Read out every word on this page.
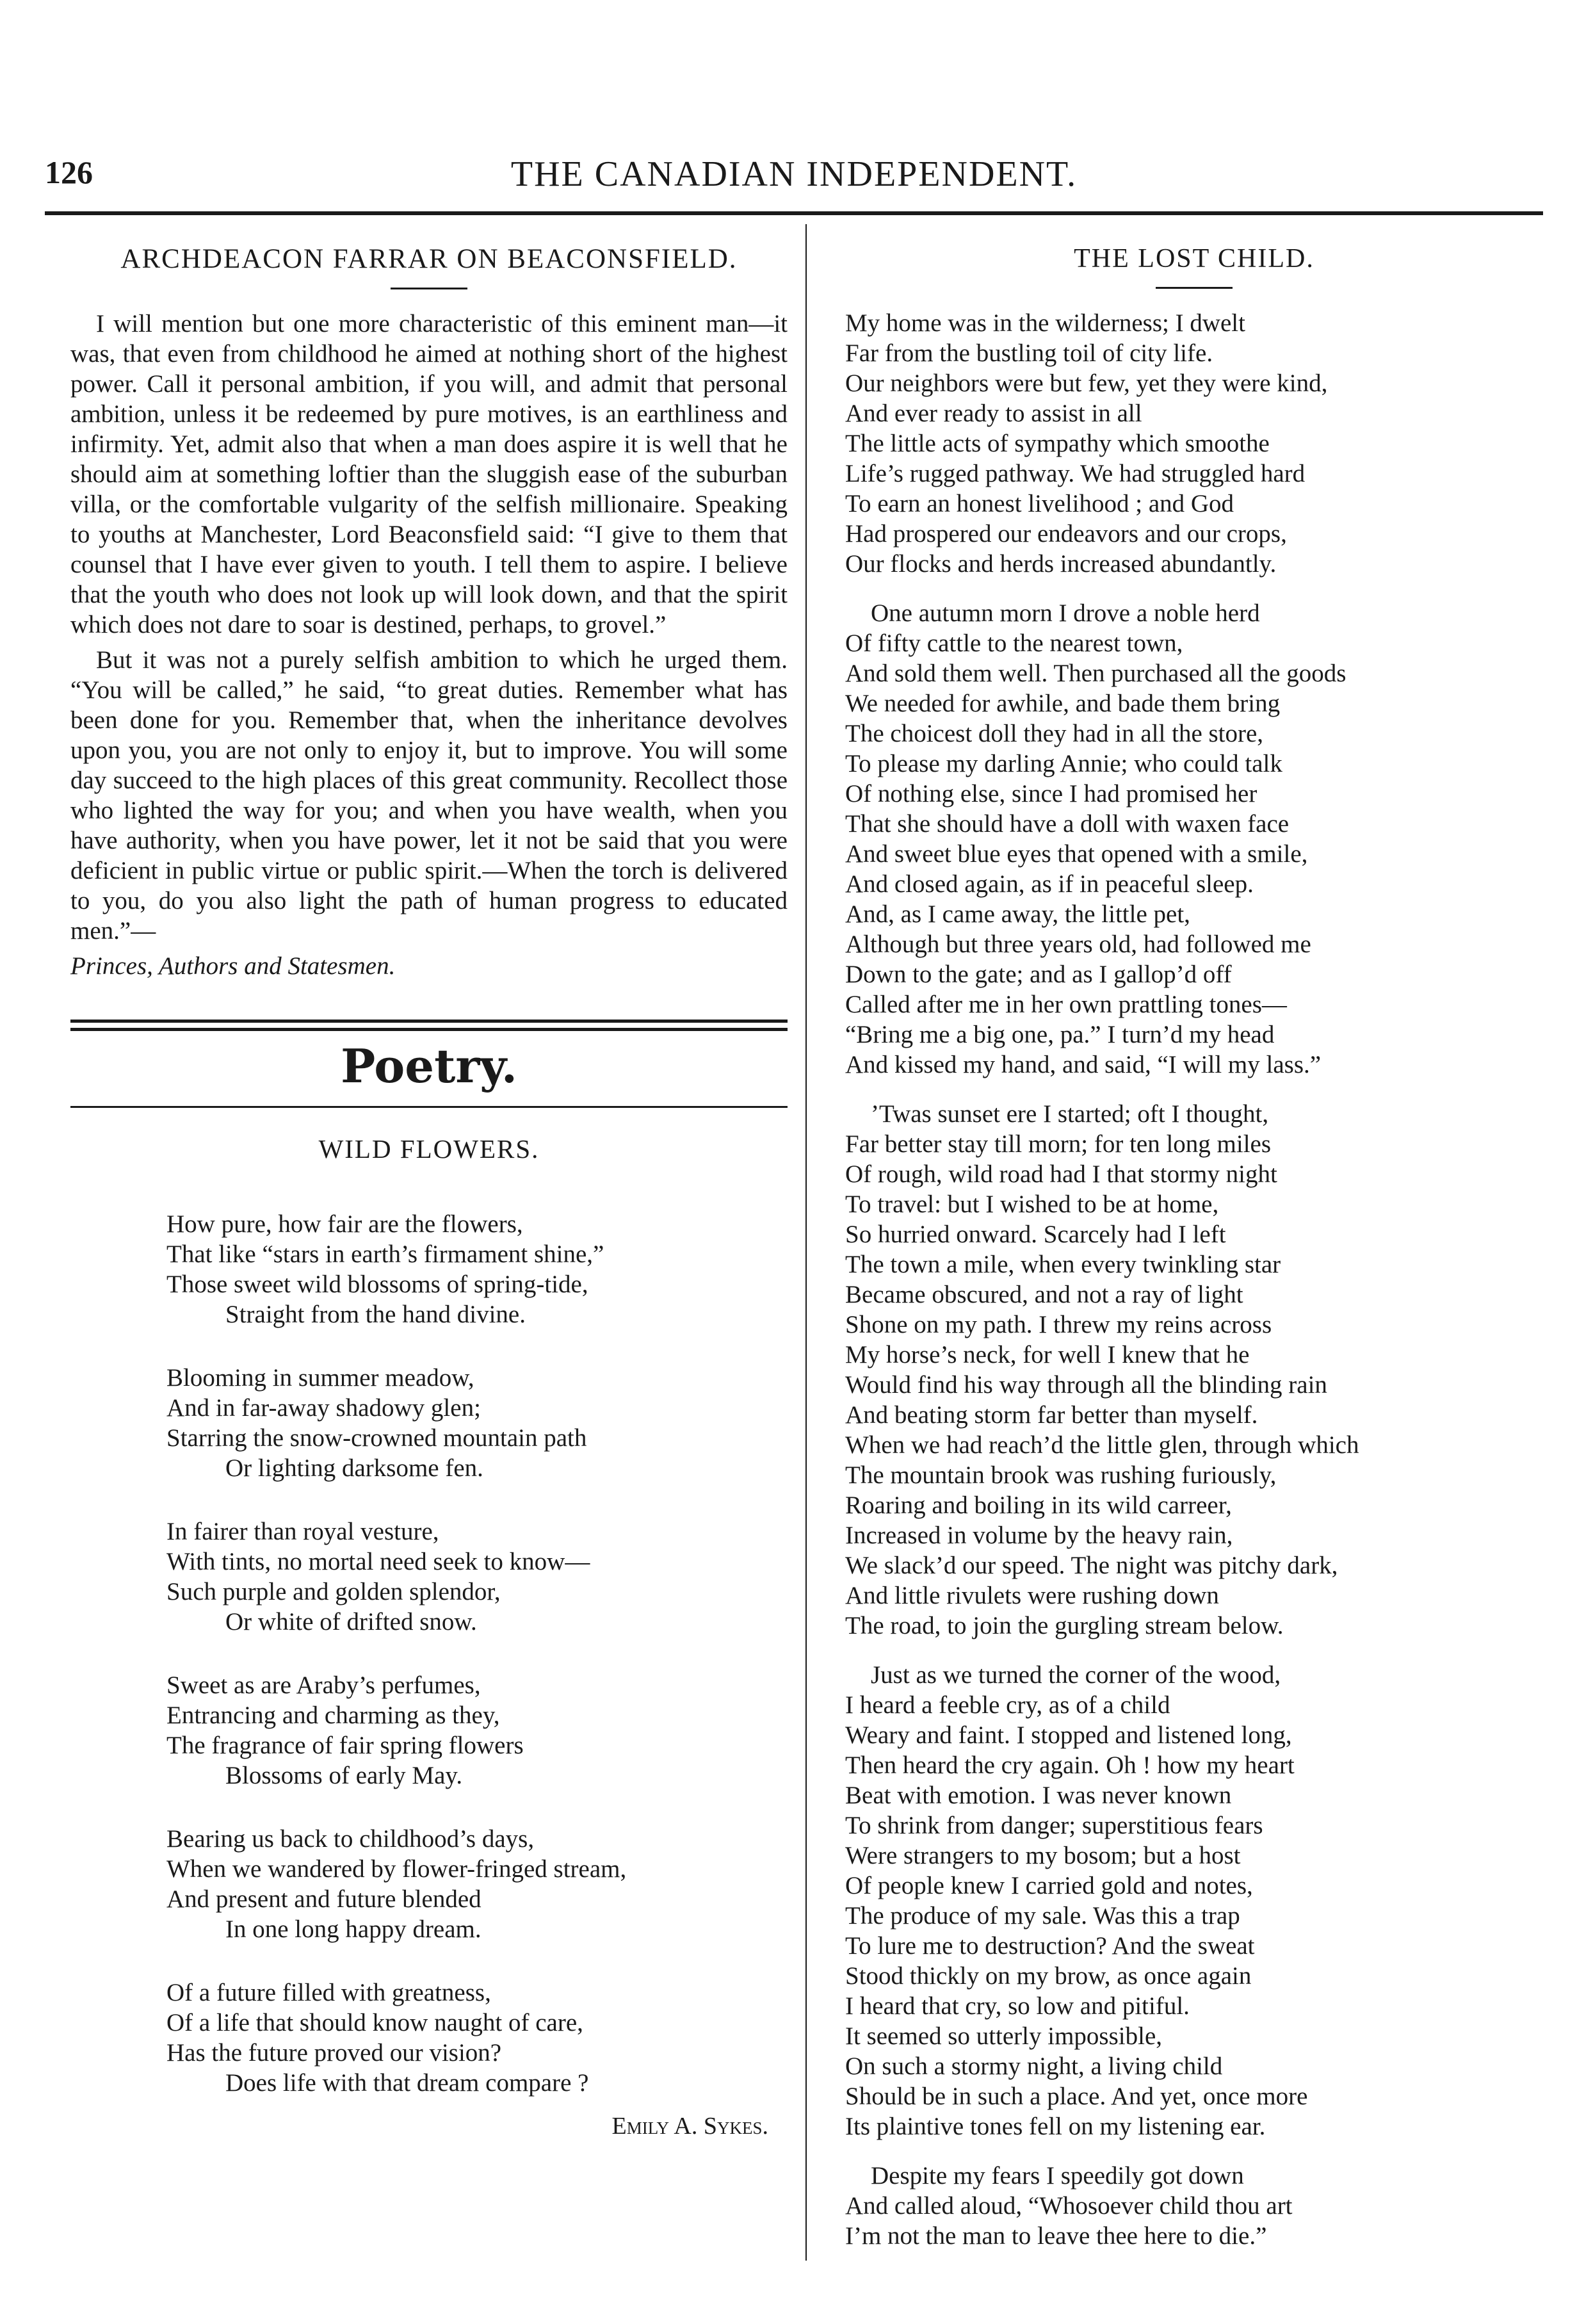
126	THE CANADIAN INDEPENDENT.
ARCHDEACON FARRAR ON BEACONSFIELD.

I will mention but one more characteristic of this eminent man—it was, that even from childhood he aimed at nothing short of the highest power. Call it personal ambition, if you will, and admit that personal ambition, unless it be redeemed by pure motives, is an earthliness and infirmity. Yet, admit also that when a man does aspire it is well that he should aim at something loftier than the sluggish ease of the suburban villa, or the comfortable vulgarity of the selfish millionaire. Speaking to youths at Manchester, Lord Beaconsfield said: “I give to them that counsel that I have ever given to youth. I tell them to aspire. I believe that the youth who does not look up will look down, and that the spirit which does not dare to soar is destined, perhaps, to grovel.”

But it was not a purely selfish ambition to which he urged them. “You will be called,” he said, “to great duties. Remember what has been done for you. Remember that, when the inheritance devolves upon you, you are not only to enjoy it, but to improve. You will some day succeed to the high places of this great community. Recollect those who lighted the way for you; and when you have wealth, when you have authority, when you have power, let it not be said that you were deficient in public virtue or public spirit.—When the torch is delivered to you, do you also light the path of human progress to educated men.”—

Princes, Authors and Statesmen.

Poetry.
WILD FLOWERS.
How pure, how fair are the flowers,
That like “stars in earth’s firmament shine,”
Those sweet wild blossoms of spring-tide,
Straight from the hand divine.
Blooming in summer meadow,
And in far-away shadowy glen;
Starring the snow-crowned mountain path
Or lighting darksome fen.
In fairer than royal vesture,
With tints, no mortal need seek to know—
Such purple and golden splendor,
Or white of drifted snow.
Sweet as are Araby’s perfumes,
Entrancing and charming as they,
The fragrance of fair spring flowers
Blossoms of early May.
Bearing us back to childhood’s days,
When we wandered by flower-fringed stream,
And present and future blended
In one long happy dream.
Of a future filled with greatness,
Of a life that should know naught of care,
Has the future proved our vision?
Does life with that dream compare ?
Emily A. Sykes.
THE LOST CHILD.
My home was in the wilderness; I dwelt
Far from the bustling toil of city life.
Our neighbors were but few, yet they were kind,
And ever ready to assist in all
The little acts of sympathy which smoothe
Life’s rugged pathway. We had struggled hard
To earn an honest livelihood ; and God
Had prospered our endeavors and our crops,
Our flocks and herds increased abundantly.
One autumn morn I drove a noble herd
Of fifty cattle to the nearest town,
And sold them well. Then purchased all the goods
We needed for awhile, and bade them bring
The choicest doll they had in all the store,
To please my darling Annie; who could talk
Of nothing else, since I had promised her
That she should have a doll with waxen face
And sweet blue eyes that opened with a smile,
And closed again, as if in peaceful sleep.
And, as I came away, the little pet,
Although but three years old, had followed me
Down to the gate; and as I gallop’d off
Called after me in her own prattling tones—
“Bring me a big one, pa.” I turn’d my head
And kissed my hand, and said, “I will my lass.”
’Twas sunset ere I started; oft I thought,
Far better stay till morn; for ten long miles
Of rough, wild road had I that stormy night
To travel: but I wished to be at home,
So hurried onward. Scarcely had I left
The town a mile, when every twinkling star
Became obscured, and not a ray of light
Shone on my path. I threw my reins across
My horse’s neck, for well I knew that he
Would find his way through all the blinding rain
And beating storm far better than myself.
When we had reach’d the little glen, through which
The mountain brook was rushing furiously,
Roaring and boiling in its wild carreer,
Increased in volume by the heavy rain,
We slack’d our speed. The night was pitchy dark,
And little rivulets were rushing down
The road, to join the gurgling stream below.
Just as we turned the corner of the wood,
I heard a feeble cry, as of a child
Weary and faint. I stopped and listened long,
Then heard the cry again. Oh ! how my heart
Beat with emotion. I was never known
To shrink from danger; superstitious fears
Were strangers to my bosom; but a host
Of people knew I carried gold and notes,
The produce of my sale. Was this a trap
To lure me to destruction? And the sweat
Stood thickly on my brow, as once again
I heard that cry, so low and pitiful.
It seemed so utterly impossible,
On such a stormy night, a living child
Should be in such a place. And yet, once more
Its plaintive tones fell on my listening ear.
Despite my fears I speedily got down
And called aloud, “Whosoever child thou art
I’m not the man to leave thee here to die.”
